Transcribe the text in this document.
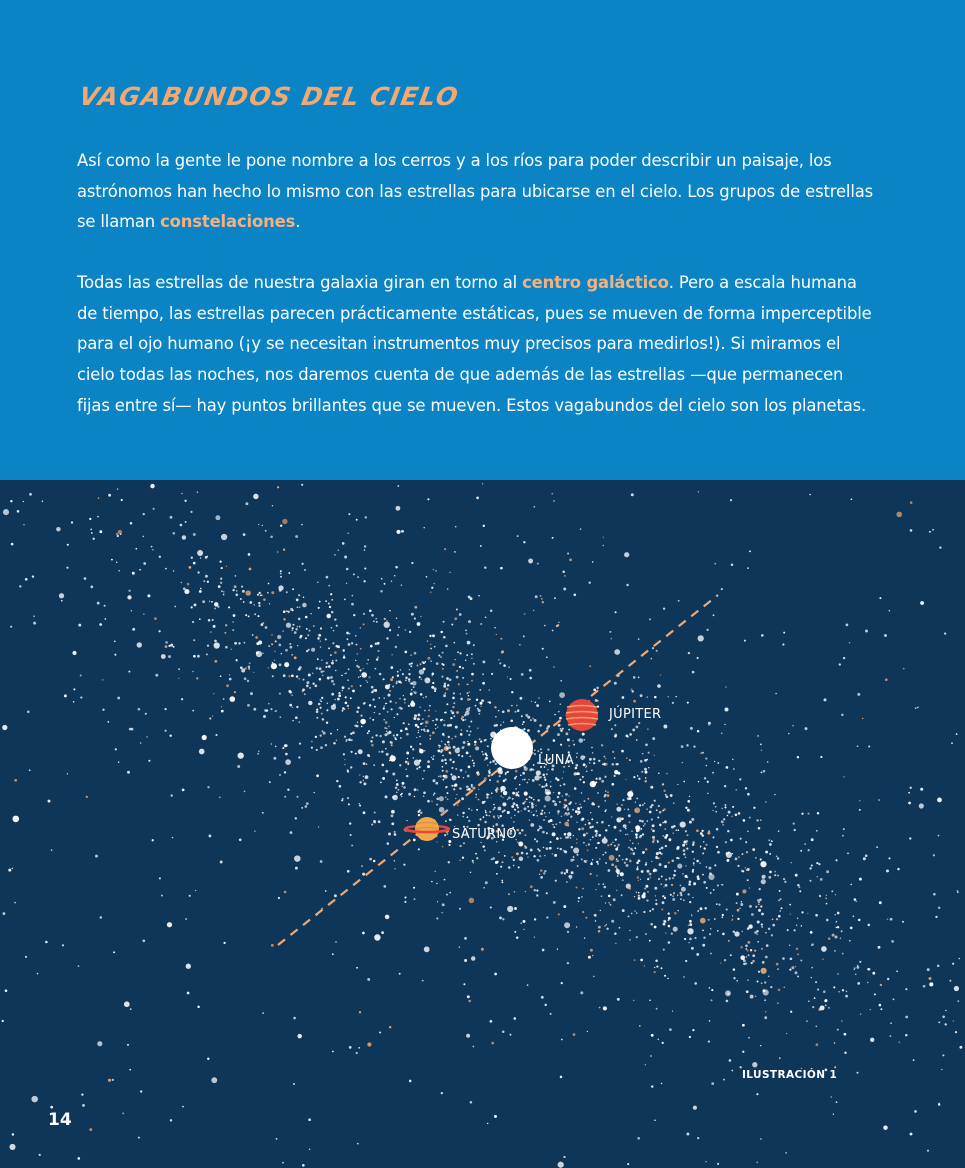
VAGABUNDOS DEL CIELO

Así como la gente le pone nombre a los cerros y a los ríos para poder describir un paisaje, los astrónomos han hecho lo mismo con las estrellas para ubicarse en el cielo. Los grupos de estrellas se llaman constelaciones.

Todas las estrellas de nuestra galaxia giran en torno al centro galáctico. Pero a escala humana de tiempo, las estrellas parecen prácticamente estáticas, pues se mueven de forma imperceptible para el ojo humano (¡y se necesitan instrumentos muy precisos para medirlos!). Si miramos el cielo todas las noches, nos daremos cuenta de que además de las estrellas —que permanecen fijas entre sí— hay puntos brillantes que se mueven. Estos vagabundos del cielo son los planetas.

JÚPITER
LUNA
SATURNO
ILUSTRACIÓN 1
14
